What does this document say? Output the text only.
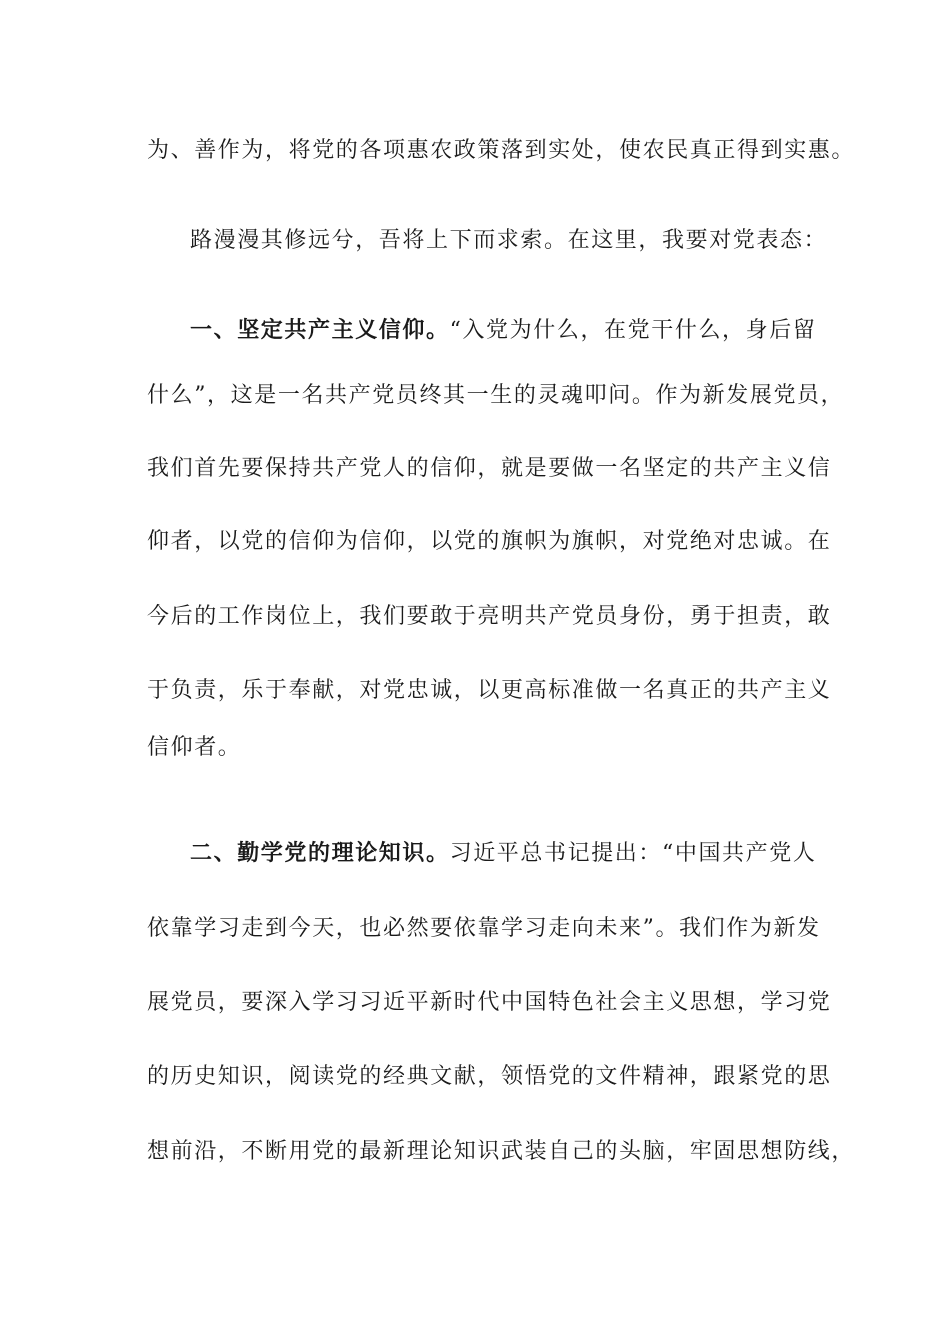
为、善作为，将党的各项惠农政策落到实处，使农民真正得到实惠。
路漫漫其修远兮，吾将上下而求索。在这里，我要对党表态：
一、坚定共产主义信仰。“入党为什么，在党干什么，身后留
什么”，这是一名共产党员终其一生的灵魂叩问。作为新发展党员，
我们首先要保持共产党人的信仰，就是要做一名坚定的共产主义信
仰者，以党的信仰为信仰，以党的旗帜为旗帜，对党绝对忠诚。在
今后的工作岗位上，我们要敢于亮明共产党员身份，勇于担责，敢
于负责，乐于奉献，对党忠诚，以更高标准做一名真正的共产主义
信仰者。
二、勤学党的理论知识。习近平总书记提出：“中国共产党人
依靠学习走到今天，也必然要依靠学习走向未来”。我们作为新发
展党员，要深入学习习近平新时代中国特色社会主义思想，学习党
的历史知识，阅读党的经典文献，领悟党的文件精神，跟紧党的思
想前沿，不断用党的最新理论知识武装自己的头脑，牢固思想防线，
